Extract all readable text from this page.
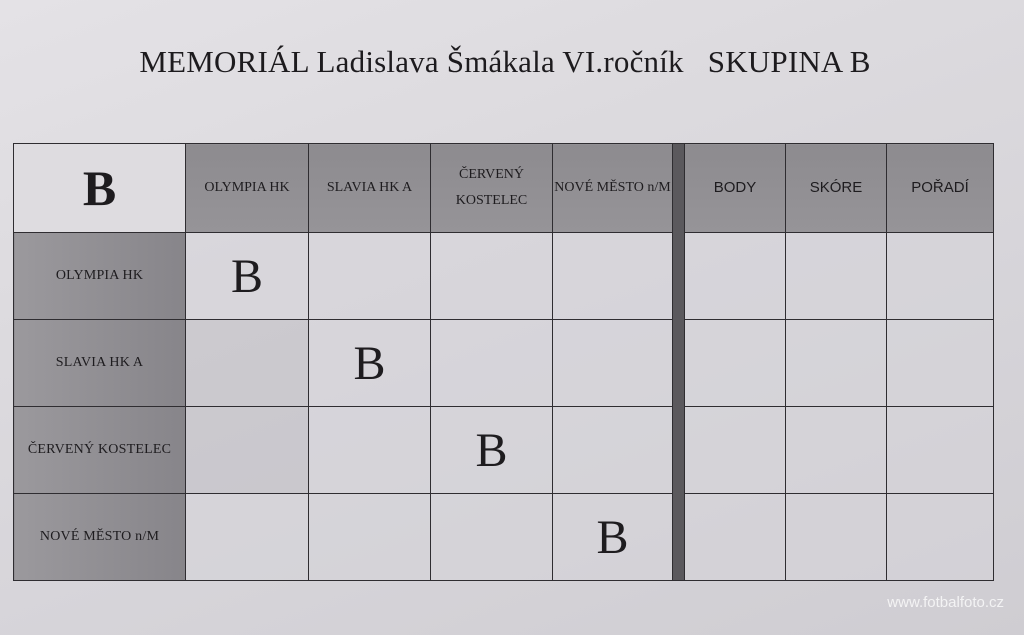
MEMORIÁL Ladislava Šmákala VI.ročník SKUPINA B
B	OLYMPIA HK	SLAVIA HK A	ČERVENÝ KOSTELEC	NOVÉ MĚSTO n/M		BODY	SKÓRE	POŘADÍ
OLYMPIA HK	B							
SLAVIA HK A		B						
ČERVENÝ KOSTELEC			B					
NOVÉ MĚSTO n/M				B				
www.fotbalfoto.cz
